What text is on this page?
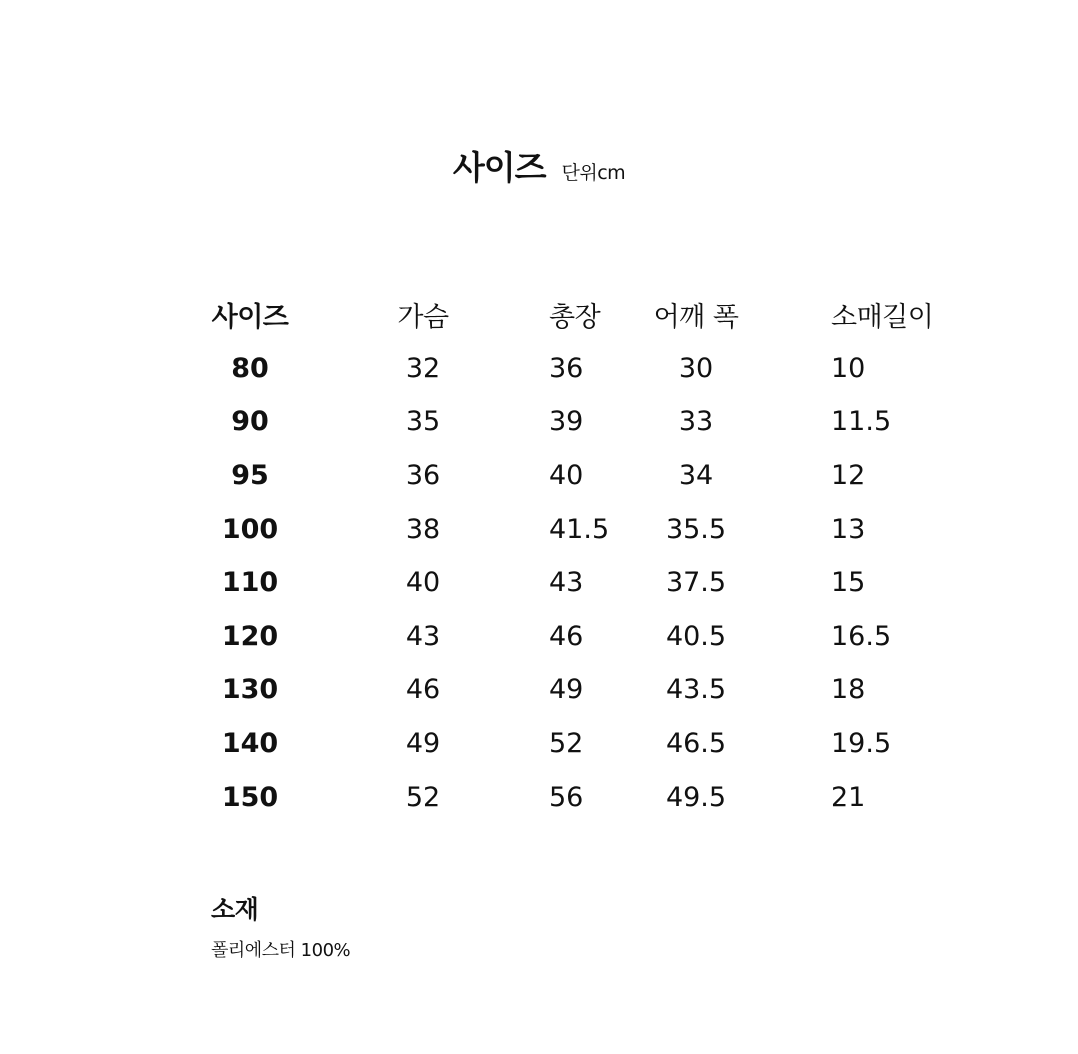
사이즈 단위cm
사이즈	가슴	총장	어깨 폭	소매길이
80	32	36	30	10
90	35	39	33	11.5
95	36	40	34	12
100	38	41.5	35.5	13
110	40	43	37.5	15
120	43	46	40.5	16.5
130	46	49	43.5	18
140	49	52	46.5	19.5
150	52	56	49.5	21
소재
폴리에스터 100%
